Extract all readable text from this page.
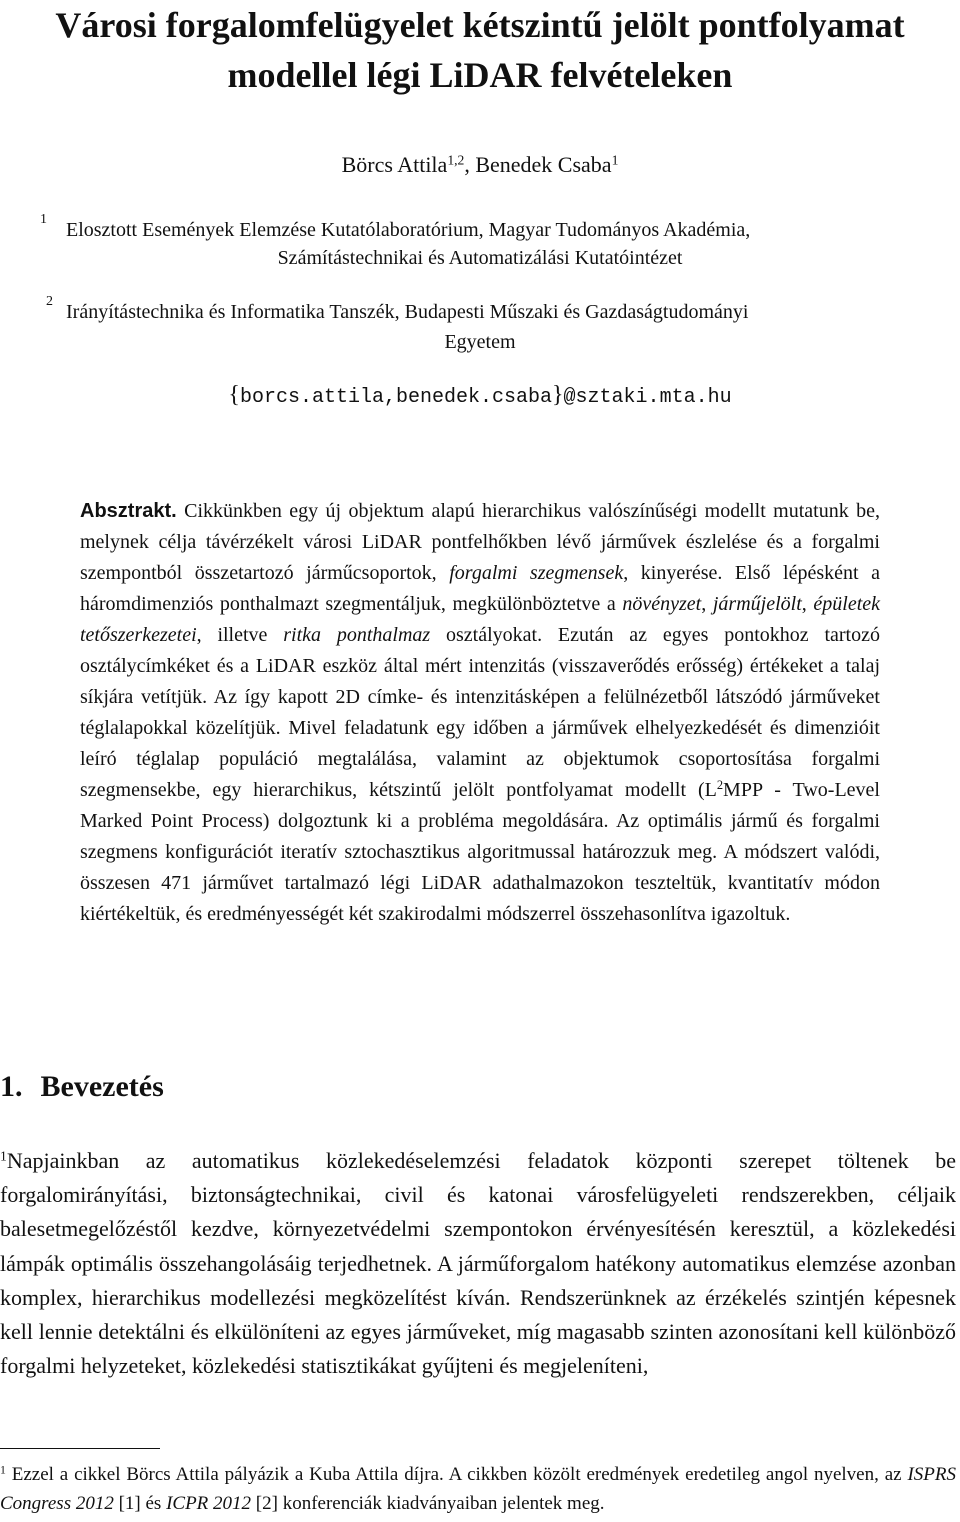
Városi forgalomfelügyelet kétszintű jelölt pontfolyamat
modellel légi LiDAR felvételeken
Börcs Attila$^{1,2}$, Benedek Csaba$^1$
1 Elosztott Események Elemzése Kutatólaboratórium, Magyar Tudományos Akadémia,
Számítástechnikai és Automatizálási Kutatóintézet
2 Irányítástechnika és Informatika Tanszék, Budapesti Műszaki és Gazdaságtudományi
Egyetem
{borcs.attila,benedek.csaba}@sztaki.mta.hu

Absztrakt. Cikkünkben egy új objektum alapú hierarchikus valószínűségi modellt mutatunk be, melynek célja távérzékelt városi LiDAR pontfelhőkben lévő járművek észlelése és a forgalmi szempontból összetartozó járműcsoportok, forgalmi szegmensek, kinyerése. Első lépésként a háromdimenziós ponthalmazt szegmentáljuk, megkülönböztetve a növényzet, járműjelölt, épületek tetőszerkezetei, illetve ritka ponthalmaz osztályokat. Ezután az egyes pontokhoz tartozó osztálycímkéket és a LiDAR eszköz által mért intenzitás (visszaverődés erősség) értékeket a talaj síkjára vetítjük. Az így kapott 2D címke- és intenzitásképen a felülnézetből látszódó járműveket téglalapokkal közelítjük. Mivel feladatunk egy időben a járművek elhelyezkedését és dimenzióit leíró téglalap populáció megtalálása, valamint az objektumok csoportosítása forgalmi szegmensekbe, egy hierarchikus, kétszintű jelölt pontfolyamat modellt ($L^2MPP$ - Two-Level Marked Point Process) dolgoztunk ki a probléma megoldására. Az optimális jármű és forgalmi szegmens konfigurációt iteratív sztochasztikus algoritmussal határozzuk meg. A módszert valódi, összesen 471 járművet tartalmazó légi LiDAR adathalmazokon teszteltük, kvantitatív módon kiértékeltük, és eredményességét két szakirodalmi módszerrel összehasonlítva igazoltuk.

1. Bevezetés

$^1$Napjainkban az automatikus közlekedéselemzési feladatok központi szerepet töltenek be forgalomirányítási, biztonságtechnikai, civil és katonai városfelügyeleti rendszerekben, céljaik balesetmegelőzéstől kezdve, környezetvédelmi szempontokon érvényesítésén keresztül, a közlekedési lámpák optimális összehangolásáig terjedhetnek. A járműforgalom hatékony automatikus elemzése azonban komplex, hierarchikus modellezési megközelítést kíván. Rendszerünknek az érzékelés szintjén képesnek kell lennie detektálni és elkülöníteni az egyes járműveket, míg magasabb szinten azonosítani kell különböző forgalmi helyzeteket, közlekedési statisztikákat gyűjteni és megjeleníteni,

$^1$ Ezzel a cikkel Börcs Attila pályázik a Kuba Attila díjra. A cikkben közölt eredmények eredetileg angol nyelven, az ISPRS Congress 2012 [1] és ICPR 2012 [2] konferenciák kiadványaiban jelentek meg.
